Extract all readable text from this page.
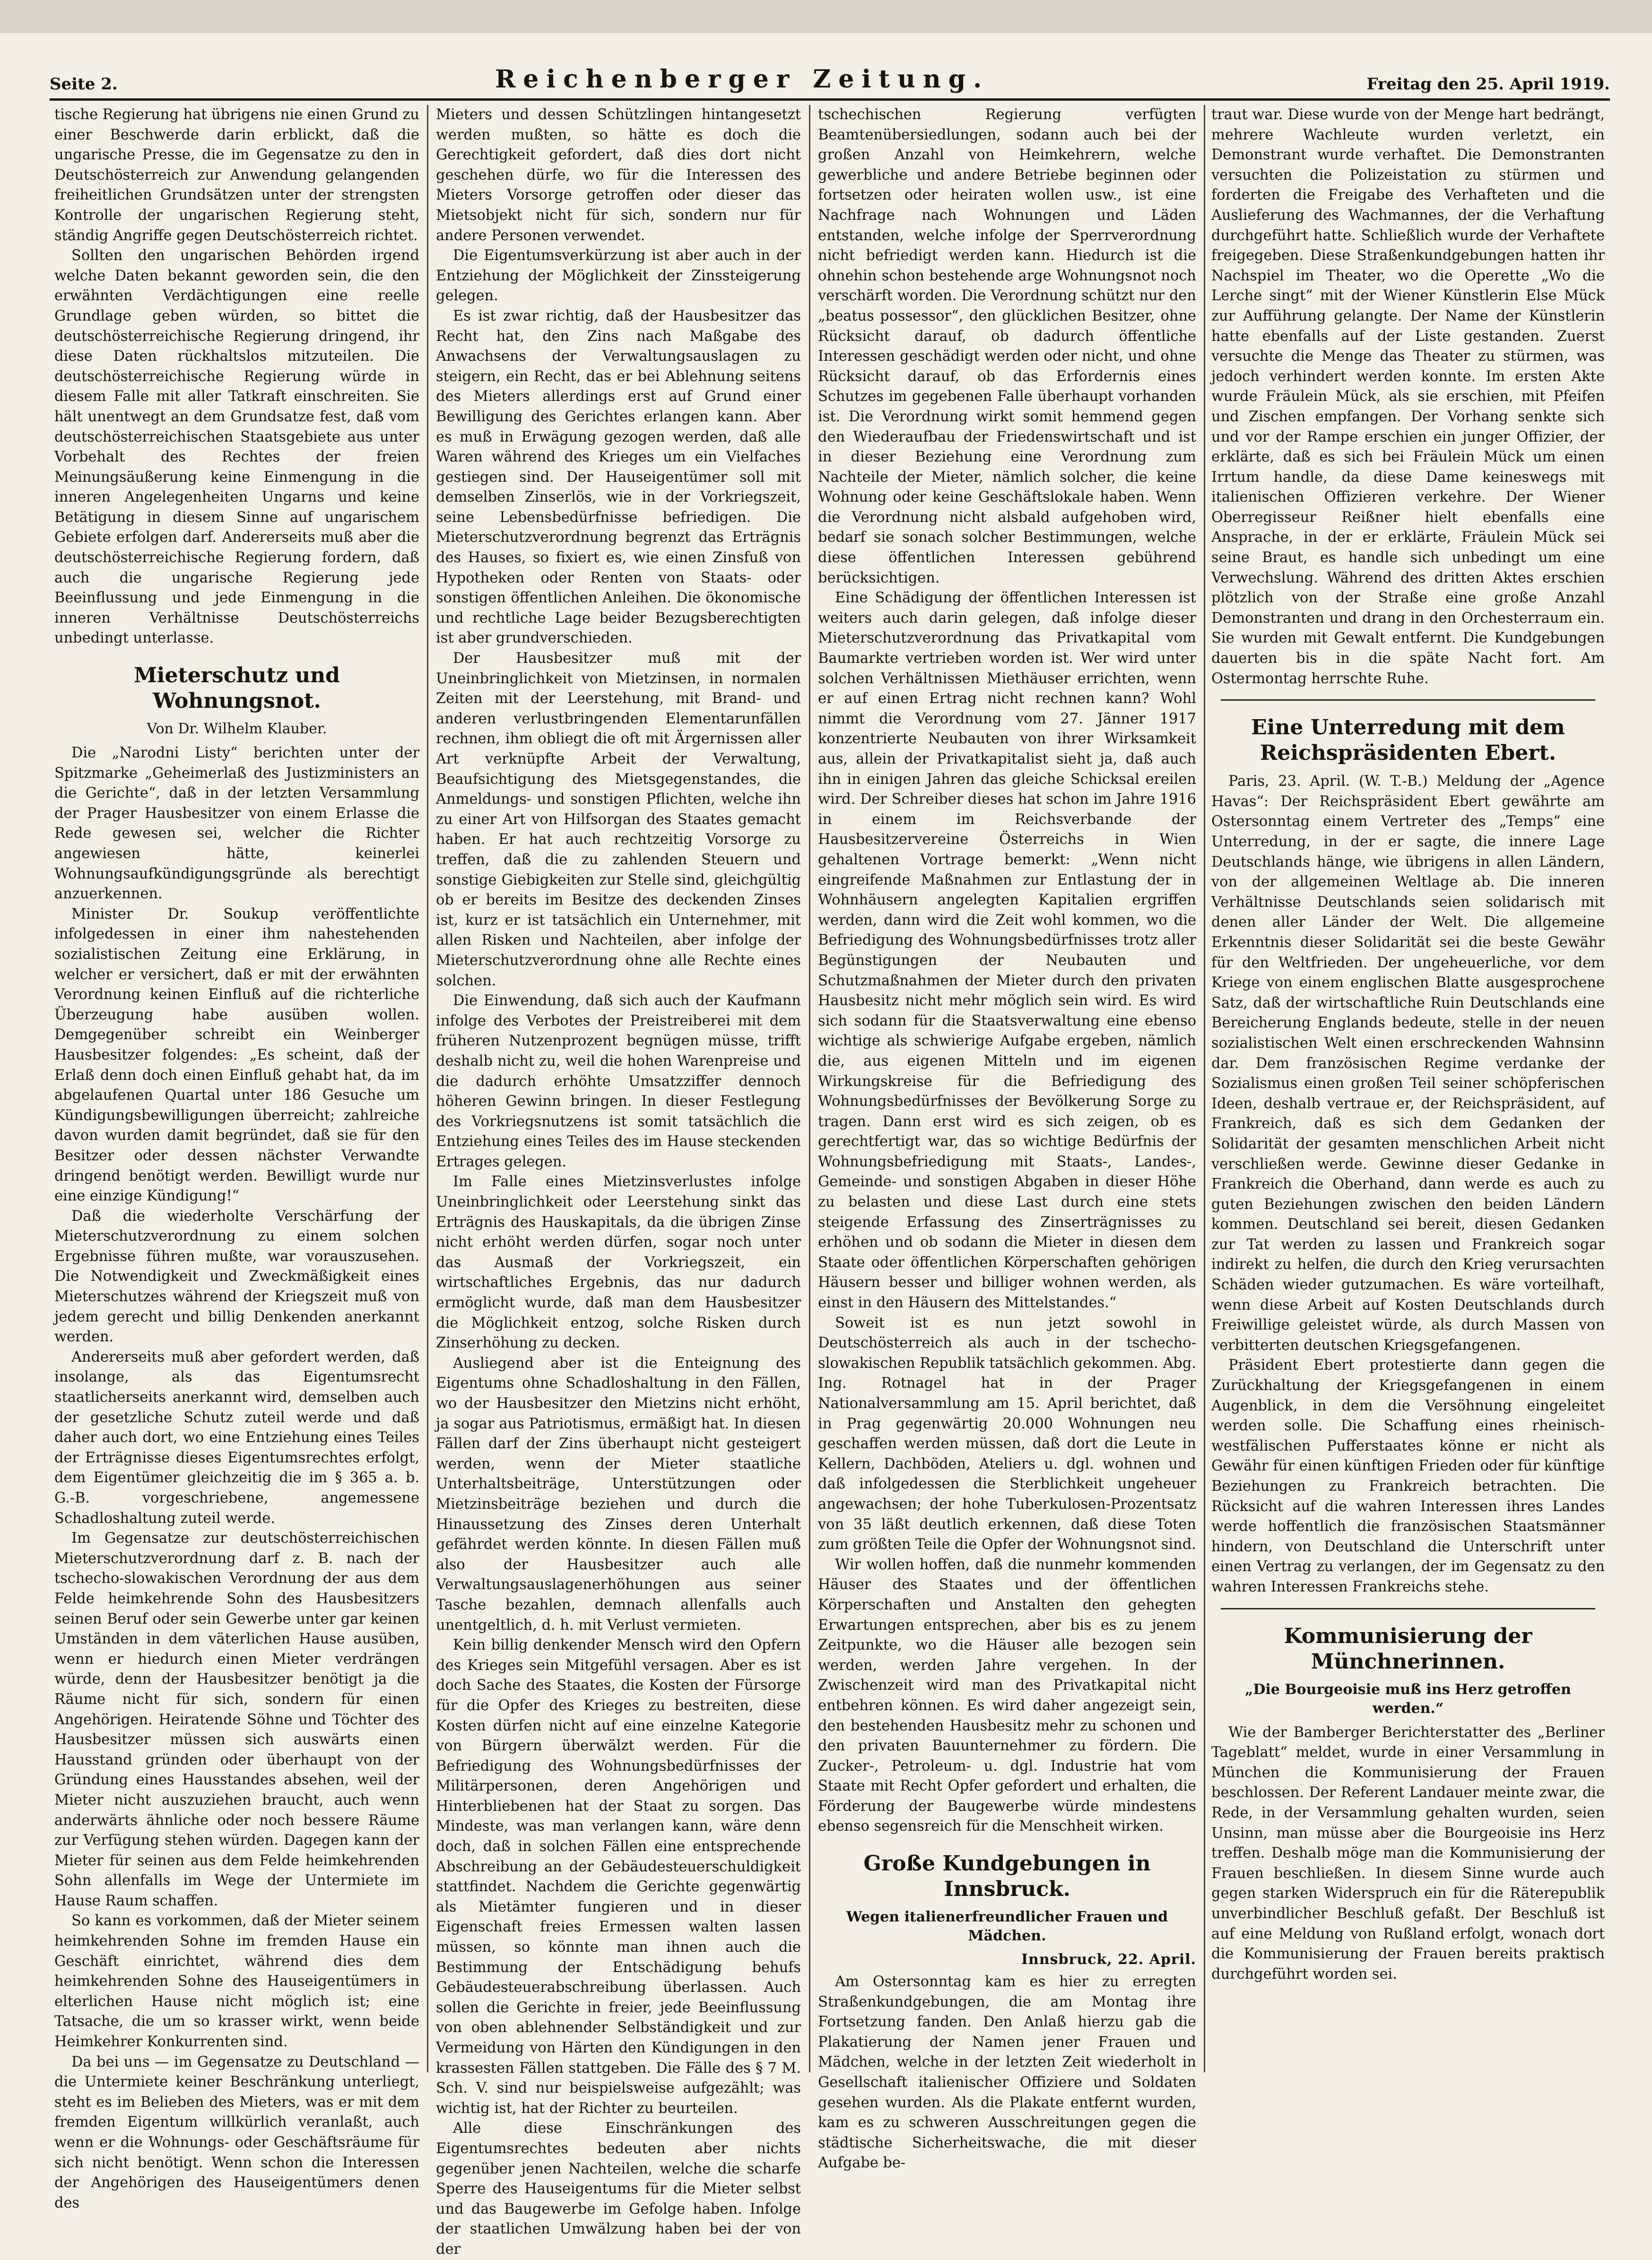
Seite 2.	Reichenberger Zeitung.	Freitag den 25. April 1919.

tische Regierung hat übrigens nie einen Grund zu einer Beschwerde darin erblickt, daß die ungarische Presse, die im Gegensatze zu den in Deutschösterreich zur Anwendung gelangenden freiheitlichen Grundsätzen unter der strengsten Kontrolle der ungarischen Regierung steht, ständig Angriffe gegen Deutschösterreich richtet.

Sollten den ungarischen Behörden irgend welche Daten bekannt geworden sein, die den erwähnten Verdächtigungen eine reelle Grundlage geben würden, so bittet die deutschösterreichische Regierung dringend, ihr diese Daten rückhaltslos mitzuteilen. Die deutschösterreichische Regierung würde in diesem Falle mit aller Tatkraft einschreiten. Sie hält unentwegt an dem Grundsatze fest, daß vom deutschösterreichischen Staatsgebiete aus unter Vorbehalt des Rechtes der freien Meinungsäußerung keine Einmengung in die inneren Angelegenheiten Ungarns und keine Betätigung in diesem Sinne auf ungarischem Gebiete erfolgen darf. Andererseits muß aber die deutschösterreichische Regierung fordern, daß auch die ungarische Regierung jede Beeinflussung und jede Einmengung in die inneren Verhältnisse Deutschösterreichs unbedingt unterlasse.

Mieterschutz und Wohnungsnot.
Von Dr. Wilhelm Klauber.

Die „Narodni Listy“ berichten unter der Spitzmarke „Geheimerlaß des Justizministers an die Gerichte“, daß in der letzten Versammlung der Prager Hausbesitzer von einem Erlasse die Rede gewesen sei, welcher die Richter angewiesen hätte, keinerlei Wohnungsaufkündigungsgründe als berechtigt anzuerkennen.

Minister Dr. Soukup veröffentlichte infolgedessen in einer ihm nahestehenden sozialistischen Zeitung eine Erklärung, in welcher er versichert, daß er mit der erwähnten Verordnung keinen Einfluß auf die richterliche Überzeugung habe ausüben wollen. Demgegenüber schreibt ein Weinberger Hausbesitzer folgendes: „Es scheint, daß der Erlaß denn doch einen Einfluß gehabt hat, da im abgelaufenen Quartal unter 186 Gesuche um Kündigungsbewilligungen überreicht; zahlreiche davon wurden damit begründet, daß sie für den Besitzer oder dessen nächster Verwandte dringend benötigt werden. Bewilligt wurde nur eine einzige Kündigung!“

Daß die wiederholte Verschärfung der Mieterschutzverordnung zu einem solchen Ergebnisse führen mußte, war vorauszusehen. Die Notwendigkeit und Zweckmäßigkeit eines Mieterschutzes während der Kriegszeit muß von jedem gerecht und billig Denkenden anerkannt werden.

Andererseits muß aber gefordert werden, daß insolange, als das Eigentumsrecht staatlicherseits anerkannt wird, demselben auch der gesetzliche Schutz zuteil werde und daß daher auch dort, wo eine Entziehung eines Teiles der Erträgnisse dieses Eigentumsrechtes erfolgt, dem Eigentümer gleichzeitig die im § 365 a. b. G.-B. vorgeschriebene, angemessene Schadloshaltung zuteil werde.

Im Gegensatze zur deutschösterreichischen Mieterschutzverordnung darf z. B. nach der tschecho-slowakischen Verordnung der aus dem Felde heimkehrende Sohn des Hausbesitzers seinen Beruf oder sein Gewerbe unter gar keinen Umständen in dem väterlichen Hause ausüben, wenn er hiedurch einen Mieter verdrängen würde, denn der Hausbesitzer benötigt ja die Räume nicht für sich, sondern für einen Angehörigen. Heiratende Söhne und Töchter des Hausbesitzer müssen sich auswärts einen Hausstand gründen oder überhaupt von der Gründung eines Hausstandes absehen, weil der Mieter nicht auszuziehen braucht, auch wenn anderwärts ähnliche oder noch bessere Räume zur Verfügung stehen würden. Dagegen kann der Mieter für seinen aus dem Felde heimkehrenden Sohn allenfalls im Wege der Untermiete im Hause Raum schaffen.

So kann es vorkommen, daß der Mieter seinem heimkehrenden Sohne im fremden Hause ein Geschäft einrichtet, während dies dem heimkehrenden Sohne des Hauseigentümers in elterlichen Hause nicht möglich ist; eine Tatsache, die um so krasser wirkt, wenn beide Heimkehrer Konkurrenten sind.

Da bei uns — im Gegensatze zu Deutschland — die Untermiete keiner Beschränkung unterliegt, steht es im Belieben des Mieters, was er mit dem fremden Eigentum willkürlich veranlaßt, auch wenn er die Wohnungs- oder Geschäftsräume für sich nicht benötigt. Wenn schon die Interessen der Angehörigen des Hauseigentümers denen des

Mieters und dessen Schützlingen hintangesetzt werden mußten, so hätte es doch die Gerechtigkeit gefordert, daß dies dort nicht geschehen dürfe, wo für die Interessen des Mieters Vorsorge getroffen oder dieser das Mietsobjekt nicht für sich, sondern nur für andere Personen verwendet.

Die Eigentumsverkürzung ist aber auch in der Entziehung der Möglichkeit der Zinssteigerung gelegen.

Es ist zwar richtig, daß der Hausbesitzer das Recht hat, den Zins nach Maßgabe des Anwachsens der Verwaltungsauslagen zu steigern, ein Recht, das er bei Ablehnung seitens des Mieters allerdings erst auf Grund einer Bewilligung des Gerichtes erlangen kann. Aber es muß in Erwägung gezogen werden, daß alle Waren während des Krieges um ein Vielfaches gestiegen sind. Der Hauseigentümer soll mit demselben Zinserlös, wie in der Vorkriegszeit, seine Lebensbedürfnisse befriedigen. Die Mieterschutzverordnung begrenzt das Erträgnis des Hauses, so fixiert es, wie einen Zinsfuß von Hypotheken oder Renten von Staats- oder sonstigen öffentlichen Anleihen. Die ökonomische und rechtliche Lage beider Bezugsberechtigten ist aber grundverschieden.

Der Hausbesitzer muß mit der Uneinbringlichkeit von Mietzinsen, in normalen Zeiten mit der Leerstehung, mit Brand- und anderen verlustbringenden Elementarunfällen rechnen, ihm obliegt die oft mit Ärgernissen aller Art verknüpfte Arbeit der Verwaltung, Beaufsichtigung des Mietsgegenstandes, die Anmeldungs- und sonstigen Pflichten, welche ihn zu einer Art von Hilfsorgan des Staates gemacht haben. Er hat auch rechtzeitig Vorsorge zu treffen, daß die zu zahlenden Steuern und sonstige Giebigkeiten zur Stelle sind, gleichgültig ob er bereits im Besitze des deckenden Zinses ist, kurz er ist tatsächlich ein Unternehmer, mit allen Risken und Nachteilen, aber infolge der Mieterschutzverordnung ohne alle Rechte eines solchen.

Die Einwendung, daß sich auch der Kaufmann infolge des Verbotes der Preistreiberei mit dem früheren Nutzenprozent begnügen müsse, trifft deshalb nicht zu, weil die hohen Warenpreise und die dadurch erhöhte Umsatzziffer dennoch höheren Gewinn bringen. In dieser Festlegung des Vorkriegsnutzens ist somit tatsächlich die Entziehung eines Teiles des im Hause steckenden Ertrages gelegen.

Im Falle eines Mietzinsverlustes infolge Uneinbringlichkeit oder Leerstehung sinkt das Erträgnis des Hauskapitals, da die übrigen Zinse nicht erhöht werden dürfen, sogar noch unter das Ausmaß der Vorkriegszeit, ein wirtschaftliches Ergebnis, das nur dadurch ermöglicht wurde, daß man dem Hausbesitzer die Möglichkeit entzog, solche Risken durch Zinserhöhung zu decken.

Ausliegend aber ist die Enteignung des Eigentums ohne Schadloshaltung in den Fällen, wo der Hausbesitzer den Mietzins nicht erhöht, ja sogar aus Patriotismus, ermäßigt hat. In diesen Fällen darf der Zins überhaupt nicht gesteigert werden, wenn der Mieter staatliche Unterhaltsbeiträge, Unterstützungen oder Mietzinsbeiträge beziehen und durch die Hinaussetzung des Zinses deren Unterhalt gefährdet werden könnte. In diesen Fällen muß also der Hausbesitzer auch alle Verwaltungsauslagenerhöhungen aus seiner Tasche bezahlen, demnach allenfalls auch unentgeltlich, d. h. mit Verlust vermieten.

Kein billig denkender Mensch wird den Opfern des Krieges sein Mitgefühl versagen. Aber es ist doch Sache des Staates, die Kosten der Fürsorge für die Opfer des Krieges zu bestreiten, diese Kosten dürfen nicht auf eine einzelne Kategorie von Bürgern überwälzt werden. Für die Befriedigung des Wohnungsbedürfnisses der Militärpersonen, deren Angehörigen und Hinterbliebenen hat der Staat zu sorgen. Das Mindeste, was man verlangen kann, wäre denn doch, daß in solchen Fällen eine entsprechende Abschreibung an der Gebäudesteuerschuldigkeit stattfindet. Nachdem die Gerichte gegenwärtig als Mietämter fungieren und in dieser Eigenschaft freies Ermessen walten lassen müssen, so könnte man ihnen auch die Bestimmung der Entschädigung behufs Gebäudesteuerabschreibung überlassen. Auch sollen die Gerichte in freier, jede Beeinflussung von oben ablehnender Selbständigkeit und zur Vermeidung von Härten den Kündigungen in den krassesten Fällen stattgeben. Die Fälle des § 7 M. Sch. V. sind nur beispielsweise aufgezählt; was wichtig ist, hat der Richter zu beurteilen.

Alle diese Einschränkungen des Eigentumsrechtes bedeuten aber nichts gegenüber jenen Nachteilen, welche die scharfe Sperre des Hauseigentums für die Mieter selbst und das Baugewerbe im Gefolge haben. Infolge der staatlichen Umwälzung haben bei der von der

tschechischen Regierung verfügten Beamtenübersiedlungen, sodann auch bei der großen Anzahl von Heimkehrern, welche gewerbliche und andere Betriebe beginnen oder fortsetzen oder heiraten wollen usw., ist eine Nachfrage nach Wohnungen und Läden entstanden, welche infolge der Sperrverordnung nicht befriedigt werden kann. Hiedurch ist die ohnehin schon bestehende arge Wohnungsnot noch verschärft worden. Die Verordnung schützt nur den „beatus possessor“, den glücklichen Besitzer, ohne Rücksicht darauf, ob dadurch öffentliche Interessen geschädigt werden oder nicht, und ohne Rücksicht darauf, ob das Erfordernis eines Schutzes im gegebenen Falle überhaupt vorhanden ist. Die Verordnung wirkt somit hemmend gegen den Wiederaufbau der Friedenswirtschaft und ist in dieser Beziehung eine Verordnung zum Nachteile der Mieter, nämlich solcher, die keine Wohnung oder keine Geschäftslokale haben. Wenn die Verordnung nicht alsbald aufgehoben wird, bedarf sie sonach solcher Bestimmungen, welche diese öffentlichen Interessen gebührend berücksichtigen.

Eine Schädigung der öffentlichen Interessen ist weiters auch darin gelegen, daß infolge dieser Mieterschutzverordnung das Privatkapital vom Baumarkte vertrieben worden ist. Wer wird unter solchen Verhältnissen Miethäuser errichten, wenn er auf einen Ertrag nicht rechnen kann? Wohl nimmt die Verordnung vom 27. Jänner 1917 konzentrierte Neubauten von ihrer Wirksamkeit aus, allein der Privatkapitalist sieht ja, daß auch ihn in einigen Jahren das gleiche Schicksal ereilen wird. Der Schreiber dieses hat schon im Jahre 1916 in einem im Reichsverbande der Hausbesitzervereine Österreichs in Wien gehaltenen Vortrage bemerkt: „Wenn nicht eingreifende Maßnahmen zur Entlastung der in Wohnhäusern angelegten Kapitalien ergriffen werden, dann wird die Zeit wohl kommen, wo die Befriedigung des Wohnungsbedürfnisses trotz aller Begünstigungen der Neubauten und Schutzmaßnahmen der Mieter durch den privaten Hausbesitz nicht mehr möglich sein wird. Es wird sich sodann für die Staatsverwaltung eine ebenso wichtige als schwierige Aufgabe ergeben, nämlich die, aus eigenen Mitteln und im eigenen Wirkungskreise für die Befriedigung des Wohnungsbedürfnisses der Bevölkerung Sorge zu tragen. Dann erst wird es sich zeigen, ob es gerechtfertigt war, das so wichtige Bedürfnis der Wohnungsbefriedigung mit Staats-, Landes-, Gemeinde- und sonstigen Abgaben in dieser Höhe zu belasten und diese Last durch eine stets steigende Erfassung des Zinserträgnisses zu erhöhen und ob sodann die Mieter in diesen dem Staate oder öffentlichen Körperschaften gehörigen Häusern besser und billiger wohnen werden, als einst in den Häusern des Mittelstandes.“

Soweit ist es nun jetzt sowohl in Deutschösterreich als auch in der tschecho-slowakischen Republik tatsächlich gekommen. Abg. Ing. Rotnagel hat in der Prager Nationalversammlung am 15. April berichtet, daß in Prag gegenwärtig 20.000 Wohnungen neu geschaffen werden müssen, daß dort die Leute in Kellern, Dachböden, Ateliers u. dgl. wohnen und daß infolgedessen die Sterblichkeit ungeheuer angewachsen; der hohe Tuberkulosen-Prozentsatz von 35 läßt deutlich erkennen, daß diese Toten zum größten Teile die Opfer der Wohnungsnot sind.

Wir wollen hoffen, daß die nunmehr kommenden Häuser des Staates und der öffentlichen Körperschaften und Anstalten den gehegten Erwartungen entsprechen, aber bis es zu jenem Zeitpunkte, wo die Häuser alle bezogen sein werden, werden Jahre vergehen. In der Zwischenzeit wird man des Privatkapital nicht entbehren können. Es wird daher angezeigt sein, den bestehenden Hausbesitz mehr zu schonen und den privaten Bauunternehmer zu fördern. Die Zucker-, Petroleum- u. dgl. Industrie hat vom Staate mit Recht Opfer gefordert und erhalten, die Förderung der Baugewerbe würde mindestens ebenso segensreich für die Menschheit wirken.

Große Kundgebungen in Innsbruck.
Wegen italienerfreundlicher Frauen und Mädchen.
Innsbruck, 22. April.

Am Ostersonntag kam es hier zu erregten Straßenkundgebungen, die am Montag ihre Fortsetzung fanden. Den Anlaß hierzu gab die Plakatierung der Namen jener Frauen und Mädchen, welche in der letzten Zeit wiederholt in Gesellschaft italienischer Offiziere und Soldaten gesehen wurden. Als die Plakate entfernt wurden, kam es zu schweren Ausschreitungen gegen die städtische Sicherheitswache, die mit dieser Aufgabe be-

traut war. Diese wurde von der Menge hart bedrängt, mehrere Wachleute wurden verletzt, ein Demonstrant wurde verhaftet. Die Demonstranten versuchten die Polizeistation zu stürmen und forderten die Freigabe des Verhafteten und die Auslieferung des Wachmannes, der die Verhaftung durchgeführt hatte. Schließlich wurde der Verhaftete freigegeben. Diese Straßenkundgebungen hatten ihr Nachspiel im Theater, wo die Operette „Wo die Lerche singt“ mit der Wiener Künstlerin Else Mück zur Aufführung gelangte. Der Name der Künstlerin hatte ebenfalls auf der Liste gestanden. Zuerst versuchte die Menge das Theater zu stürmen, was jedoch verhindert werden konnte. Im ersten Akte wurde Fräulein Mück, als sie erschien, mit Pfeifen und Zischen empfangen. Der Vorhang senkte sich und vor der Rampe erschien ein junger Offizier, der erklärte, daß es sich bei Fräulein Mück um einen Irrtum handle, da diese Dame keineswegs mit italienischen Offizieren verkehre. Der Wiener Oberregisseur Reißner hielt ebenfalls eine Ansprache, in der er erklärte, Fräulein Mück sei seine Braut, es handle sich unbedingt um eine Verwechslung. Während des dritten Aktes erschien plötzlich von der Straße eine große Anzahl Demonstranten und drang in den Orchesterraum ein. Sie wurden mit Gewalt entfernt. Die Kundgebungen dauerten bis in die späte Nacht fort. Am Ostermontag herrschte Ruhe.

Eine Unterredung mit dem Reichspräsidenten Ebert.

Paris, 23. April. (W. T.-B.) Meldung der „Agence Havas“: Der Reichspräsident Ebert gewährte am Ostersonntag einem Vertreter des „Temps“ eine Unterredung, in der er sagte, die innere Lage Deutschlands hänge, wie übrigens in allen Ländern, von der allgemeinen Weltlage ab. Die inneren Verhältnisse Deutschlands seien solidarisch mit denen aller Länder der Welt. Die allgemeine Erkenntnis dieser Solidarität sei die beste Gewähr für den Weltfrieden. Der ungeheuerliche, vor dem Kriege von einem englischen Blatte ausgesprochene Satz, daß der wirtschaftliche Ruin Deutschlands eine Bereicherung Englands bedeute, stelle in der neuen sozialistischen Welt einen erschreckenden Wahnsinn dar. Dem französischen Regime verdanke der Sozialismus einen großen Teil seiner schöpferischen Ideen, deshalb vertraue er, der Reichspräsident, auf Frankreich, daß es sich dem Gedanken der Solidarität der gesamten menschlichen Arbeit nicht verschließen werde. Gewinne dieser Gedanke in Frankreich die Oberhand, dann werde es auch zu guten Beziehungen zwischen den beiden Ländern kommen. Deutschland sei bereit, diesen Gedanken zur Tat werden zu lassen und Frankreich sogar indirekt zu helfen, die durch den Krieg verursachten Schäden wieder gutzumachen. Es wäre vorteilhaft, wenn diese Arbeit auf Kosten Deutschlands durch Freiwillige geleistet würde, als durch Massen von verbitterten deutschen Kriegsgefangenen.

Präsident Ebert protestierte dann gegen die Zurückhaltung der Kriegsgefangenen in einem Augenblick, in dem die Versöhnung eingeleitet werden solle. Die Schaffung eines rheinisch-westfälischen Pufferstaates könne er nicht als Gewähr für einen künftigen Frieden oder für künftige Beziehungen zu Frankreich betrachten. Die Rücksicht auf die wahren Interessen ihres Landes werde hoffentlich die französischen Staatsmänner hindern, von Deutschland die Unterschrift unter einen Vertrag zu verlangen, der im Gegensatz zu den wahren Interessen Frankreichs stehe.

Kommunisierung der Münchnerinnen.
„Die Bourgeoisie muß ins Herz getroffen werden.“

Wie der Bamberger Berichterstatter des „Berliner Tageblatt“ meldet, wurde in einer Versammlung in München die Kommunisierung der Frauen beschlossen. Der Referent Landauer meinte zwar, die Rede, in der Versammlung gehalten wurden, seien Unsinn, man müsse aber die Bourgeoisie ins Herz treffen. Deshalb möge man die Kommunisierung der Frauen beschließen. In diesem Sinne wurde auch gegen starken Widerspruch ein für die Räterepublik unverbindlicher Beschluß gefaßt. Der Beschluß ist auf eine Meldung von Rußland erfolgt, wonach dort die Kommunisierung der Frauen bereits praktisch durchgeführt worden sei.
